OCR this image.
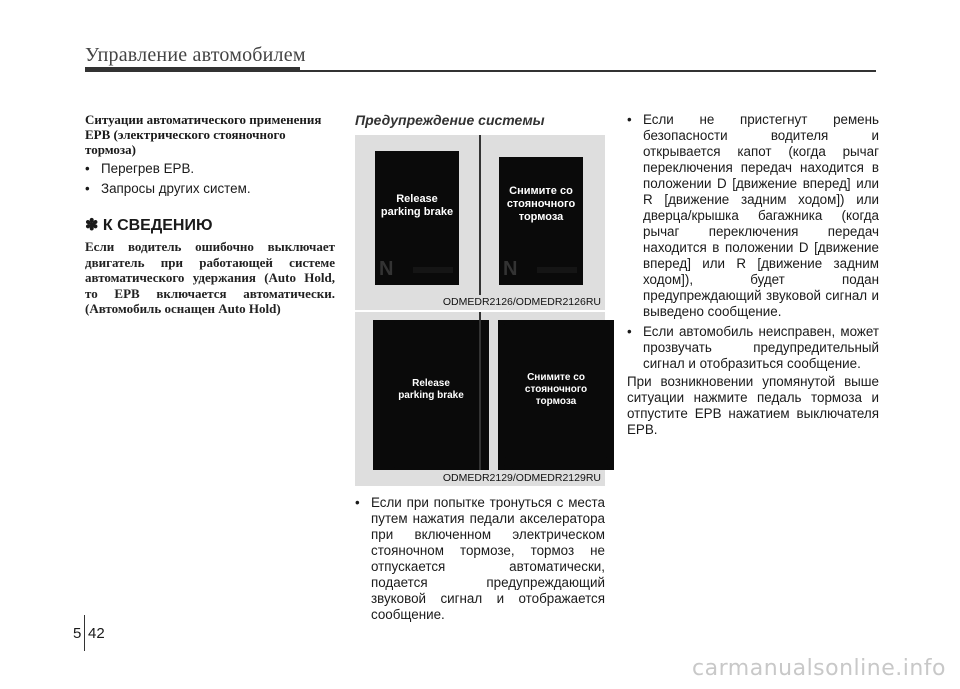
Управление автомобилем
Ситуации автоматического применения EPB (электрического стояночного тормоза)

• Перегрев EPB.

• Запросы других систем.

✽ К СВЕДЕНИЮ
Если водитель ошибочно выключает двигатель при работающей системе автоматического удержания (Auto Hold, то EPB включается автоматически. (Автомобиль оснащен Auto Hold)
Предупреждение системы
Release
parking brake
N
Снимите со
стояночного
тормоза
N
ODMEDR2126/ODMEDR2126RU
Release
parking brake
Снимите со
стояночного
тормоза
ODMEDR2129/ODMEDR2129RU

• Если при попытке тронуться с места путем нажатия педали акселератора при включенном электрическом стояночном тормозе, тормоз не отпускается автоматически, подается предупреждающий звуковой сигнал и отображается сообщение.

• Если не пристегнут ремень безопасности водителя и открывается капот (когда рычаг переключения передач находится в положении D [движение вперед] или R [движение задним ходом]) или дверца/крышка багажника (когда рычаг переключения передач находится в положении D [движение вперед] или R [движение задним ходом]), будет подан предупреждающий звуковой сигнал и выведено сообщение.

• Если автомобиль неисправен, может прозвучать предупредительный сигнал и отобразиться сообщение.

При возникновении упомянутой выше ситуации нажмите педаль тормоза и отпустите EPB нажатием выключателя EPB.

5 42
carmanualsonline.info
